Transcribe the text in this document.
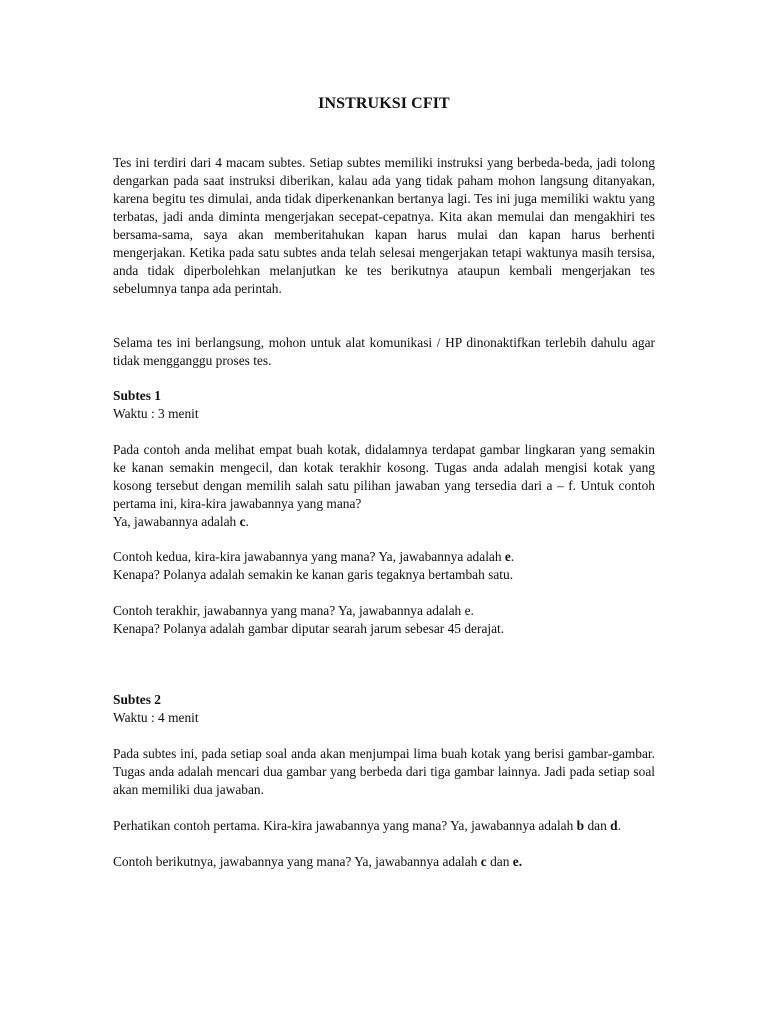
INSTRUKSI CFIT
Tes ini terdiri dari 4 macam subtes. Setiap subtes memiliki instruksi yang berbeda-beda, jadi tolong dengarkan pada saat instruksi diberikan, kalau ada yang tidak paham mohon langsung ditanyakan, karena begitu tes dimulai, anda tidak diperkenankan bertanya lagi. Tes ini juga memiliki waktu yang terbatas, jadi anda diminta mengerjakan secepat-cepatnya. Kita akan memulai dan mengakhiri tes bersama-sama, saya akan memberitahukan kapan harus mulai dan kapan harus berhenti mengerjakan. Ketika pada satu subtes anda telah selesai mengerjakan tetapi waktunya masih tersisa, anda tidak diperbolehkan melanjutkan ke tes berikutnya ataupun kembali mengerjakan tes sebelumnya tanpa ada perintah.
Selama tes ini berlangsung, mohon untuk alat komunikasi / HP dinonaktifkan terlebih dahulu agar tidak mengganggu proses tes.
Subtes 1
Waktu : 3 menit
Pada contoh anda melihat empat buah kotak, didalamnya terdapat gambar lingkaran yang semakin ke kanan semakin mengecil, dan kotak terakhir kosong. Tugas anda adalah mengisi kotak yang kosong tersebut dengan memilih salah satu pilihan jawaban yang tersedia dari a – f. Untuk contoh pertama ini, kira-kira jawabannya yang mana?
Ya, jawabannya adalah c.
Contoh kedua, kira-kira jawabannya yang mana? Ya, jawabannya adalah e.
Kenapa? Polanya adalah semakin ke kanan garis tegaknya bertambah satu.
Contoh terakhir, jawabannya yang mana? Ya, jawabannya adalah e.
Kenapa? Polanya adalah gambar diputar searah jarum sebesar 45 derajat.
Subtes 2
Waktu : 4 menit
Pada subtes ini, pada setiap soal anda akan menjumpai lima buah kotak yang berisi gambar-gambar. Tugas anda adalah mencari dua gambar yang berbeda dari tiga gambar lainnya. Jadi pada setiap soal akan memiliki dua jawaban.
Perhatikan contoh pertama. Kira-kira jawabannya yang mana? Ya, jawabannya adalah b dan d.
Contoh berikutnya, jawabannya yang mana? Ya, jawabannya adalah c dan e.
